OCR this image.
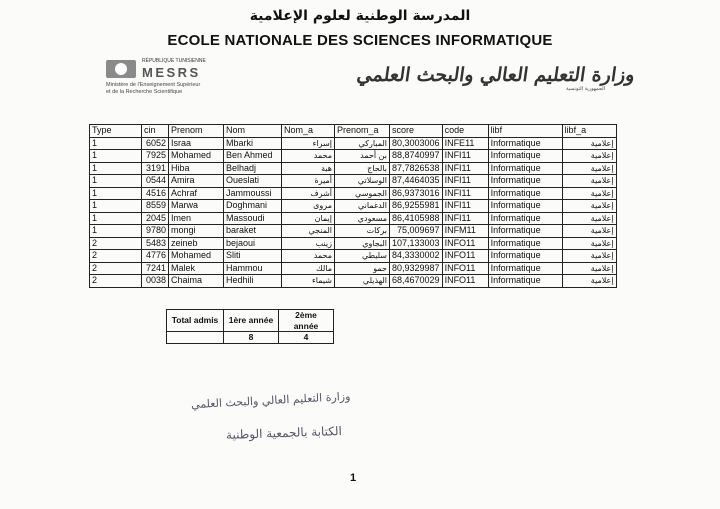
المدرسة الوطنية لعلوم الإعلامية
ECOLE NATIONALE DES SCIENCES INFORMATIQUE
RÉPUBLIQUE TUNISIENNE
MESRS
Ministère de l'Enseignement Supérieur
et de la Recherche Scientifique
وزارة التعليم العالي والبحث العلمي
الجمهورية التونسية
Type	cin	Prenom	Nom	Nom_a	Prenom_a	score	code	libf	libf_a
1	6052	Israa	Mbarki	إسراء	المباركي	80,3003006	INFE11	Informatique	إعلامية
1	7925	Mohamed	Ben Ahmed	محمد	بن أحمد	88,8740997	INFI11	Informatique	إعلامية
1	3191	Hiba	Belhadj	هبة	بالحاج	87,7826538	INFI11	Informatique	إعلامية
1	0544	Amira	Oueslati	أميرة	الوسلاتي	87,4464035	INFI11	Informatique	إعلامية
1	4516	Achraf	Jammoussi	أشرف	الجموسي	86,9373016	INFI11	Informatique	إعلامية
1	8559	Marwa	Doghmani	مروى	الدغماني	86,9255981	INFI11	Informatique	إعلامية
1	2045	Imen	Massoudi	إيمان	مسعودي	86,4105988	INFI11	Informatique	إعلامية
1	9780	mongi	baraket	المنجي	بركات	75,009697	INFM11	Informatique	إعلامية
2	5483	zeineb	bejaoui	زينب	البجاوي	107,133003	INFO11	Informatique	إعلامية
2	4776	Mohamed	Sliti	محمد	سليطي	84,3330002	INFO11	Informatique	إعلامية
2	7241	Malek	Hammou	مالك	حمو	80,9329987	INFO11	Informatique	إعلامية
2	0038	Chaima	Hedhili	شيماء	الهذيلي	68,4670029	INFO11	Informatique	إعلامية
Total admis	1ère année	2ème année
	8	4
وزارة التعليم العالي والبحث العلمي
الكتابة بالجمعية الوطنية
1
